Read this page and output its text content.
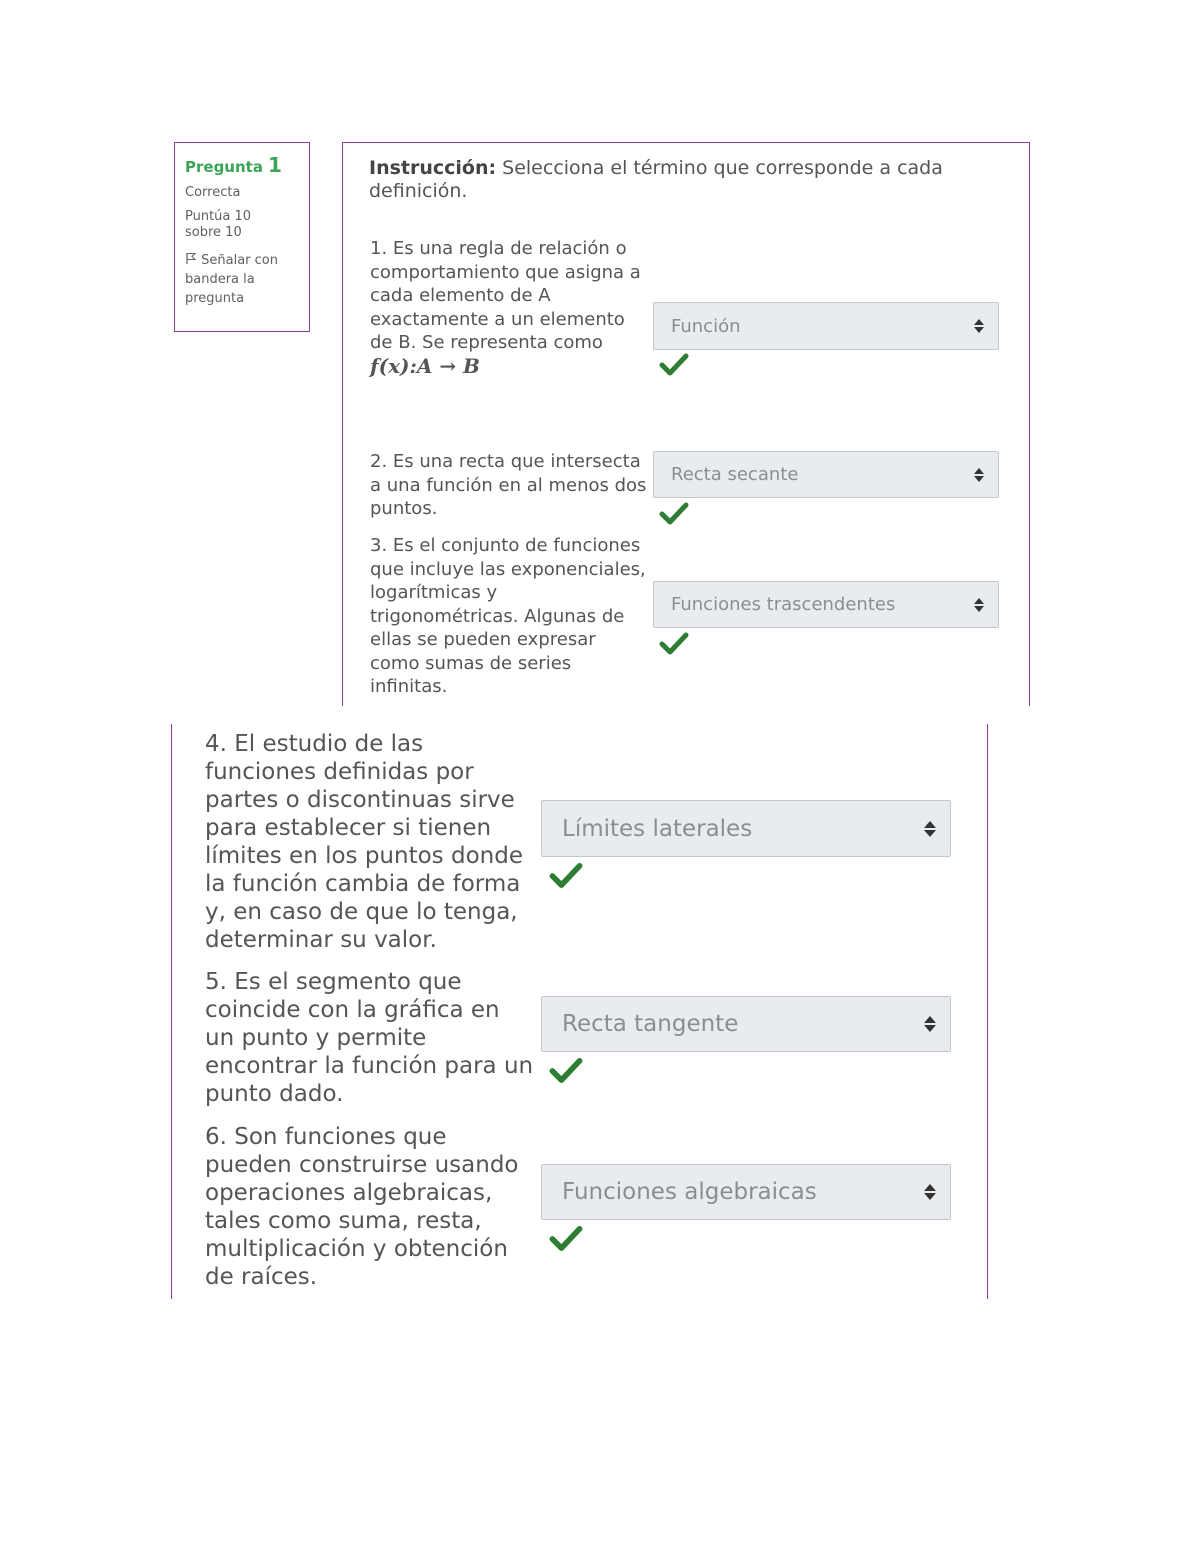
Pregunta 1
Correcta
Puntúa 10
sobre 10
Señalar con bandera la pregunta
Instrucción: Selecciona el término que corresponde a cada definición.
1. Es una regla de relación o comportamiento que asigna a cada elemento de A exactamente a un elemento de B. Se representa como
f(x):A → B
Función
2. Es una recta que intersecta a una función en al menos dos puntos.
Recta secante
3. Es el conjunto de funciones que incluye las exponenciales, logarítmicas y trigonométricas. Algunas de ellas se pueden expresar como sumas de series infinitas.
Funciones trascendentes
4. El estudio de las funciones definidas por partes o discontinuas sirve para establecer si tienen límites en los puntos donde la función cambia de forma y, en caso de que lo tenga, determinar su valor.
Límites laterales
5. Es el segmento que coincide con la gráfica en un punto y permite encontrar la función para un punto dado.
Recta tangente
6. Son funciones que pueden construirse usando operaciones algebraicas, tales como suma, resta, multiplicación y obtención de raíces.
Funciones algebraicas
